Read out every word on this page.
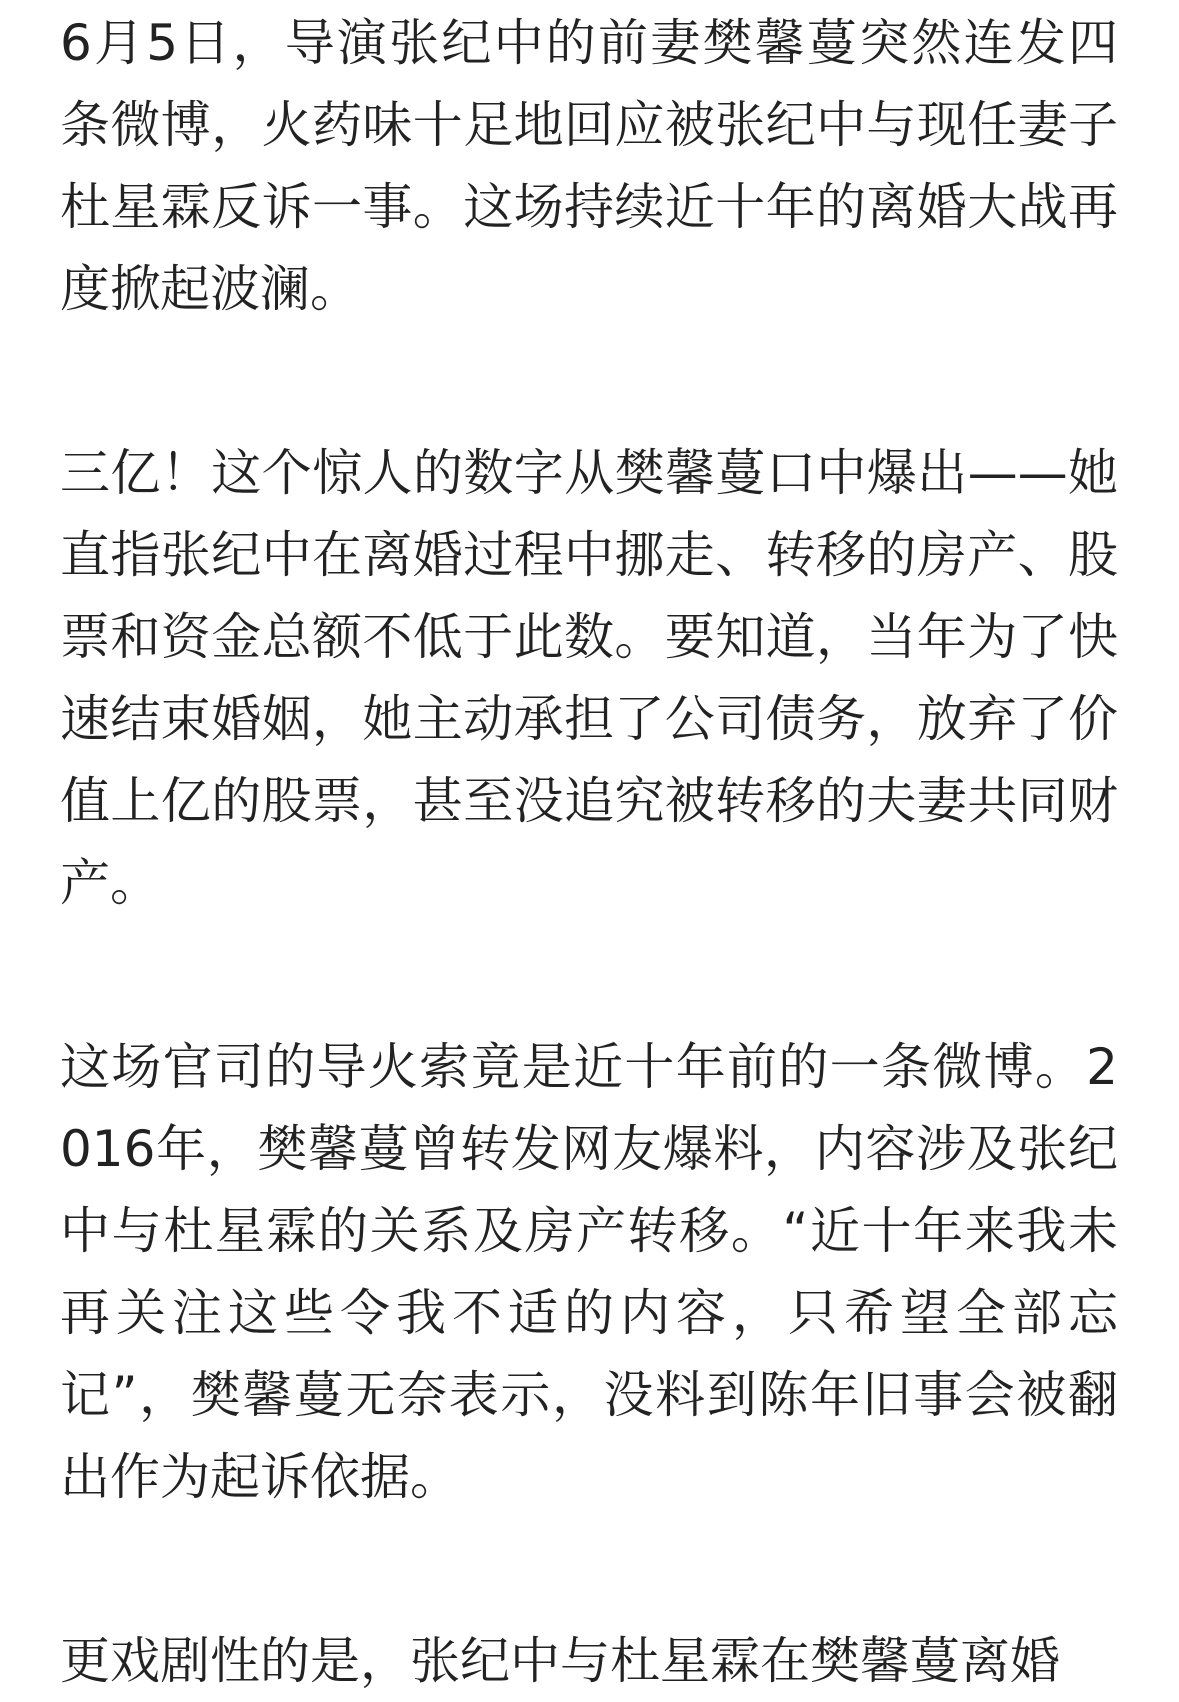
6月5日，导演张纪中的前妻樊馨蔓突然连发四条微博，火药味十足地回应被张纪中与现任妻子杜星霖反诉一事。这场持续近十年的离婚大战再度掀起波澜。

三亿！这个惊人的数字从樊馨蔓口中爆出——她直指张纪中在离婚过程中挪走、转移的房产、股票和资金总额不低于此数。要知道，当年为了快速结束婚姻，她主动承担了公司债务，放弃了价值上亿的股票，甚至没追究被转移的夫妻共同财产。

这场官司的导火索竟是近十年前的一条微博。2016年，樊馨蔓曾转发网友爆料，内容涉及张纪中与杜星霖的关系及房产转移。“近十年来我未再关注这些令我不适的内容，只希望全部忘记”，樊馨蔓无奈表示，没料到陈年旧事会被翻出作为起诉依据。

更戏剧性的是，张纪中与杜星霖在樊馨蔓离婚
